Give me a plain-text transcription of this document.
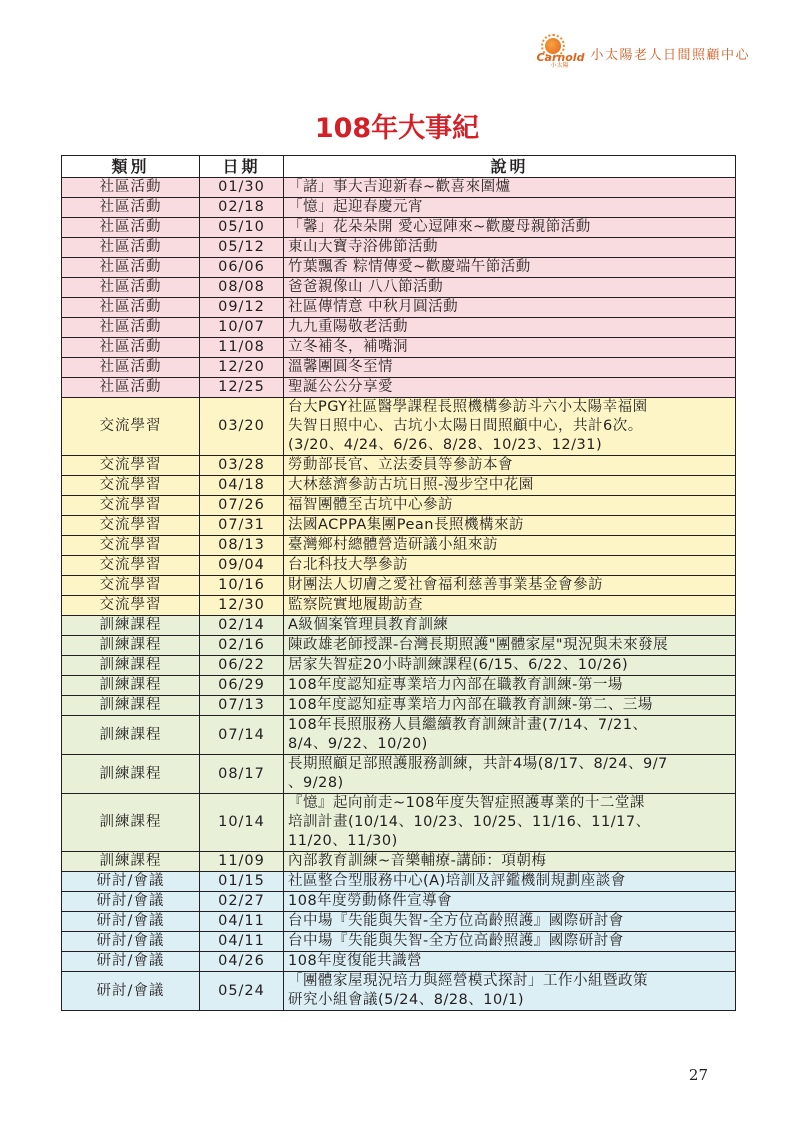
Carnold
小太陽
小太陽老人日間照顧中心
108年大事紀
類別	日期	說明
社區活動	01/30	「諸」事大吉迎新春~歡喜來圍爐
社區活動	02/18	「憶」起迎春慶元宵
社區活動	05/10	「馨」花朵朵開 愛心逗陣來~歡慶母親節活動
社區活動	05/12	東山大寶寺浴佛節活動
社區活動	06/06	竹葉飄香 粽情傳愛~歡慶端午節活動
社區活動	08/08	爸爸親像山 八八節活動
社區活動	09/12	社區傳情意 中秋月圓活動
社區活動	10/07	九九重陽敬老活動
社區活動	11/08	立冬補冬，補嘴洞
社區活動	12/20	溫馨團圓冬至情
社區活動	12/25	聖誕公公分享愛
交流學習	03/20	台大PGY社區醫學課程長照機構參訪斗六小太陽幸福園
失智日照中心、古坑小太陽日間照顧中心，共計6次。
(3/20、4/24、6/26、8/28、10/23、12/31)
交流學習	03/28	勞動部長官、立法委員等參訪本會
交流學習	04/18	大林慈濟參訪古坑日照-漫步空中花園
交流學習	07/26	福智團體至古坑中心參訪
交流學習	07/31	法國ACPPA集團Pean長照機構來訪
交流學習	08/13	臺灣鄉村總體營造研議小組來訪
交流學習	09/04	台北科技大學參訪
交流學習	10/16	財團法人切膚之愛社會福利慈善事業基金會參訪
交流學習	12/30	監察院實地履勘訪查
訓練課程	02/14	A級個案管理員教育訓練
訓練課程	02/16	陳政雄老師授課-台灣長期照護"團體家屋"現況與未來發展
訓練課程	06/22	居家失智症20小時訓練課程(6/15、6/22、10/26)
訓練課程	06/29	108年度認知症專業培力內部在職教育訓練-第一場
訓練課程	07/13	108年度認知症專業培力內部在職教育訓練-第二、三場
訓練課程	07/14	108年長照服務人員繼續教育訓練計畫(7/14、7/21、
8/4、9/22、10/20)
訓練課程	08/17	長期照顧足部照護服務訓練，共計4場(8/17、8/24、9/7
、9/28)
訓練課程	10/14	『憶』起向前走~108年度失智症照護專業的十二堂課
培訓計畫(10/14、10/23、10/25、11/16、11/17、
11/20、11/30)
訓練課程	11/09	內部教育訓練~音樂輔療-講師：項朝梅
研討/會議	01/15	社區整合型服務中心(A)培訓及評鑑機制規劃座談會
研討/會議	02/27	108年度勞動條件宣導會
研討/會議	04/11	台中場『失能與失智-全方位高齡照護』國際研討會
研討/會議	04/11	台中場『失能與失智-全方位高齡照護』國際研討會
研討/會議	04/26	108年度復能共識營
研討/會議	05/24	「團體家屋現況培力與經營模式探討」工作小組暨政策
研究小組會議(5/24、8/28、10/1)
27
